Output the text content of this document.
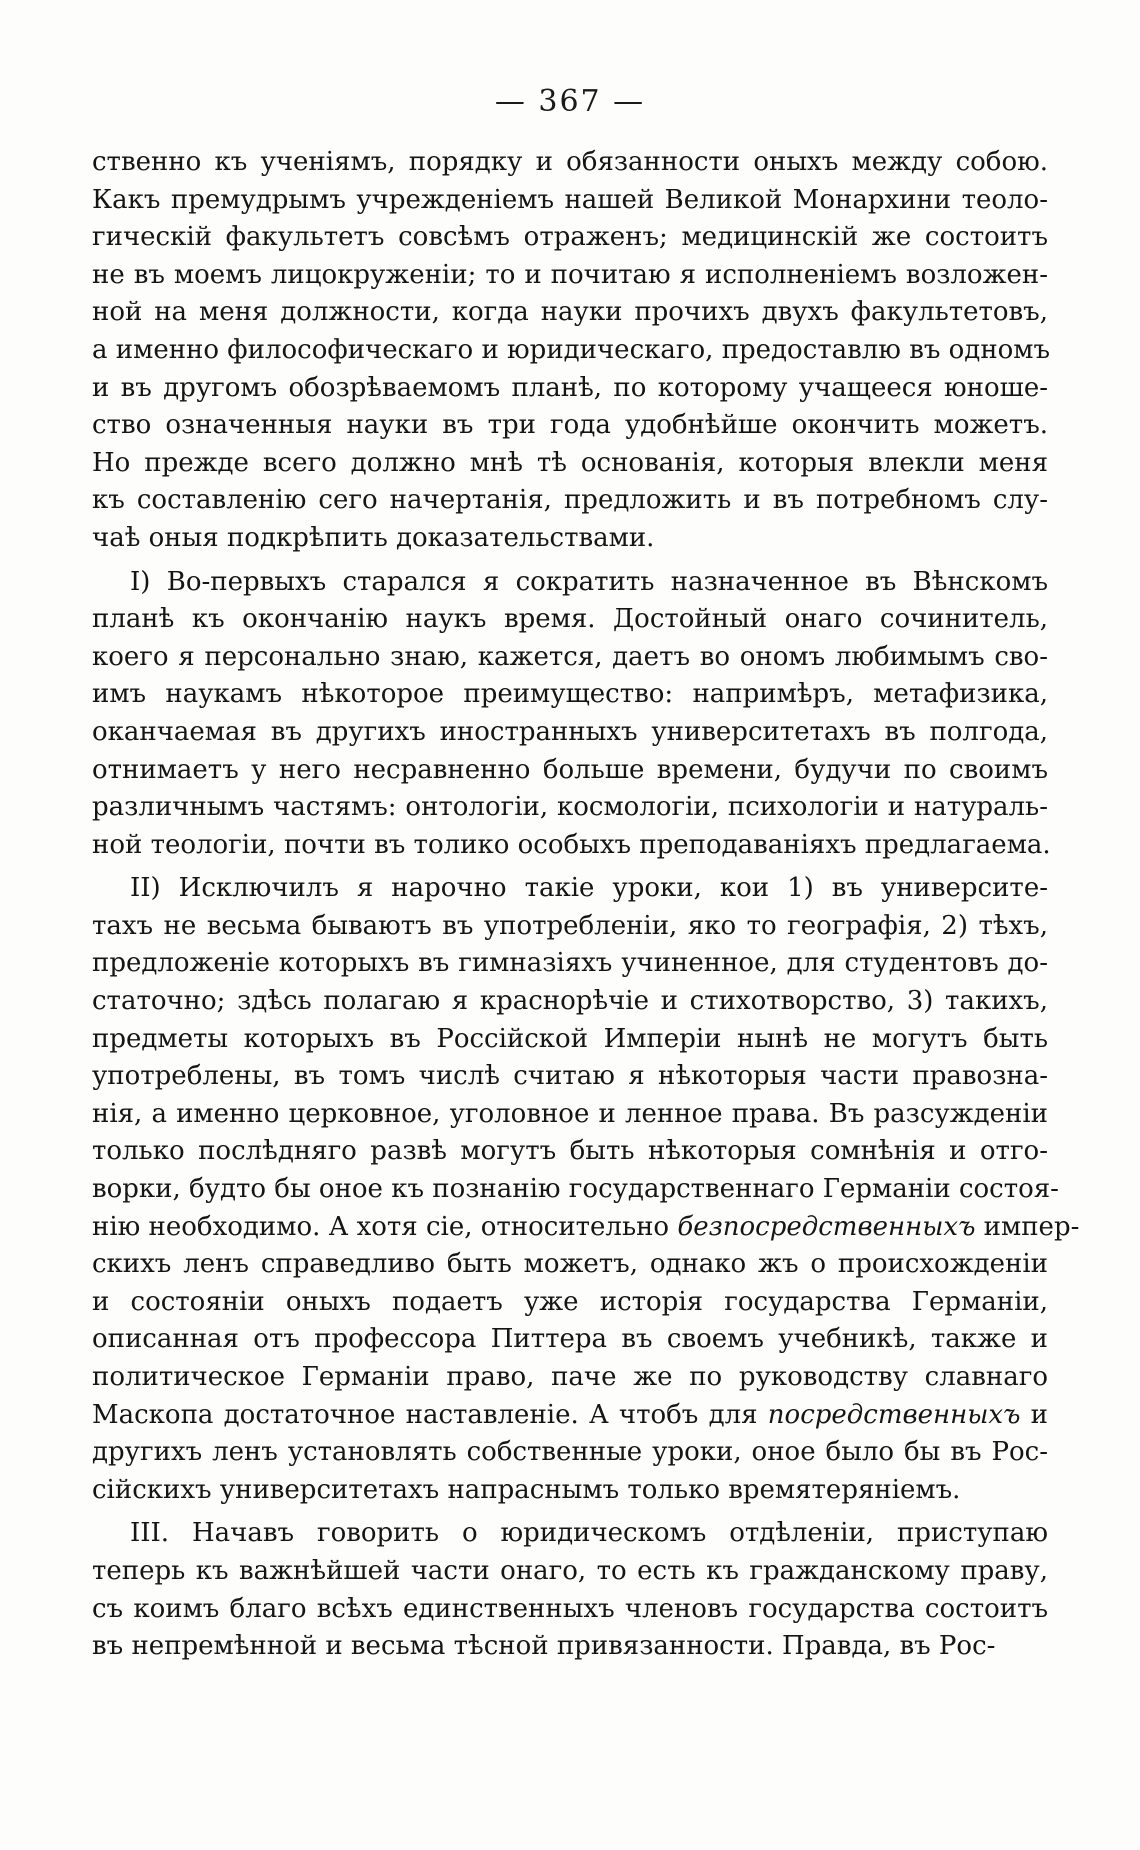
— 367 —
ственно къ ученіямъ, порядку и обязанности оныхъ между собою.
Какъ премудрымъ учрежденіемъ нашей Великой Монархини теоло-
гическій факультетъ совсѣмъ отраженъ; медицинскій же состоитъ
не въ моемъ лицокруженіи; то и почитаю я исполненіемъ возложен-
ной на меня должности, когда науки прочихъ двухъ факультетовъ,
а именно философическаго и юридическаго, предоставлю въ одномъ
и въ другомъ обозрѣваемомъ планѣ, по которому учащееся юноше-
ство означенныя науки въ три года удобнѣйше окончить можетъ.
Но прежде всего должно мнѣ тѣ основанія, которыя влекли меня
къ составленію сего начертанія, предложить и въ потребномъ слу-
чаѣ оныя подкрѣпить доказательствами.
I) Во-первыхъ старался я сократить назначенное въ Вѣнскомъ
планѣ къ окончанію наукъ время. Достойный онаго сочинитель,
коего я персонально знаю, кажется, даетъ во ономъ любимымъ сво-
имъ наукамъ нѣкоторое преимущество: напримѣръ, метафизика,
оканчаемая въ другихъ иностранныхъ университетахъ въ полгода,
отнимаетъ у него несравненно больше времени, будучи по своимъ
различнымъ частямъ: онтологіи, космологіи, психологіи и натураль-
ной теологіи, почти въ толико особыхъ преподаваніяхъ предлагаема.
II) Исключилъ я нарочно такіе уроки, кои 1) въ университе-
тахъ не весьма бываютъ въ употребленіи, яко то географія, 2) тѣхъ,
предложеніе которыхъ въ гимназіяхъ учиненное, для студентовъ до-
статочно; здѣсь полагаю я краснорѣчіе и стихотворство, 3) такихъ,
предметы которыхъ въ Россійской Имперіи нынѣ не могутъ быть
употреблены, въ томъ числѣ считаю я нѣкоторыя части правозна-
нія, а именно церковное, уголовное и ленное права. Въ разсужденіи
только послѣдняго развѣ могутъ быть нѣкоторыя сомнѣнія и отго-
ворки, будто бы оное къ познанію государственнаго Германіи состоя-
нію необходимо. А хотя сіе, относительно безпосредственныхъ импер-
скихъ ленъ справедливо быть можетъ, однако жъ о происхожденіи
и состояніи оныхъ подаетъ уже исторія государства Германіи,
описанная отъ профессора Питтера въ своемъ учебникѣ, также и
политическое Германіи право, паче же по руководству славнаго
Маскопа достаточное наставленіе. А чтобъ для посредственныхъ и
другихъ ленъ установлять собственные уроки, оное было бы въ Рос-
сійскихъ университетахъ напраснымъ только времятеряніемъ.
III. Начавъ говорить о юридическомъ отдѣленіи, приступаю
теперь къ важнѣйшей части онаго, то есть къ гражданскому праву,
съ коимъ благо всѣхъ единственныхъ членовъ государства состоитъ
въ непремѣнной и весьма тѣсной привязанности. Правда, въ Рос-
